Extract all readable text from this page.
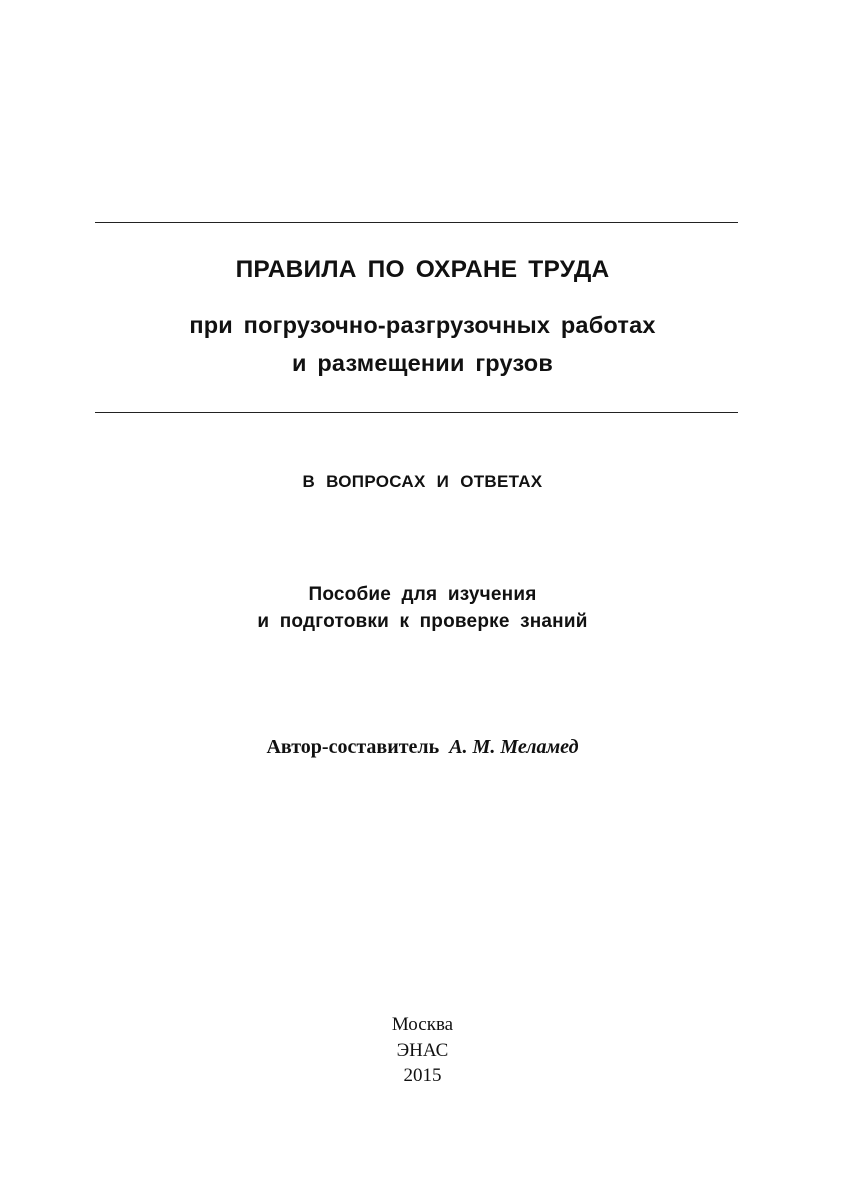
ПРАВИЛА ПО ОХРАНЕ ТРУДА
при погрузочно-разгрузочных работах
и размещении грузов
В ВОПРОСАХ И ОТВЕТАХ
Пособие для изучения
и подготовки к проверке знаний
Автор-составитель А. М. Меламед
Москва
ЭНАС
2015
